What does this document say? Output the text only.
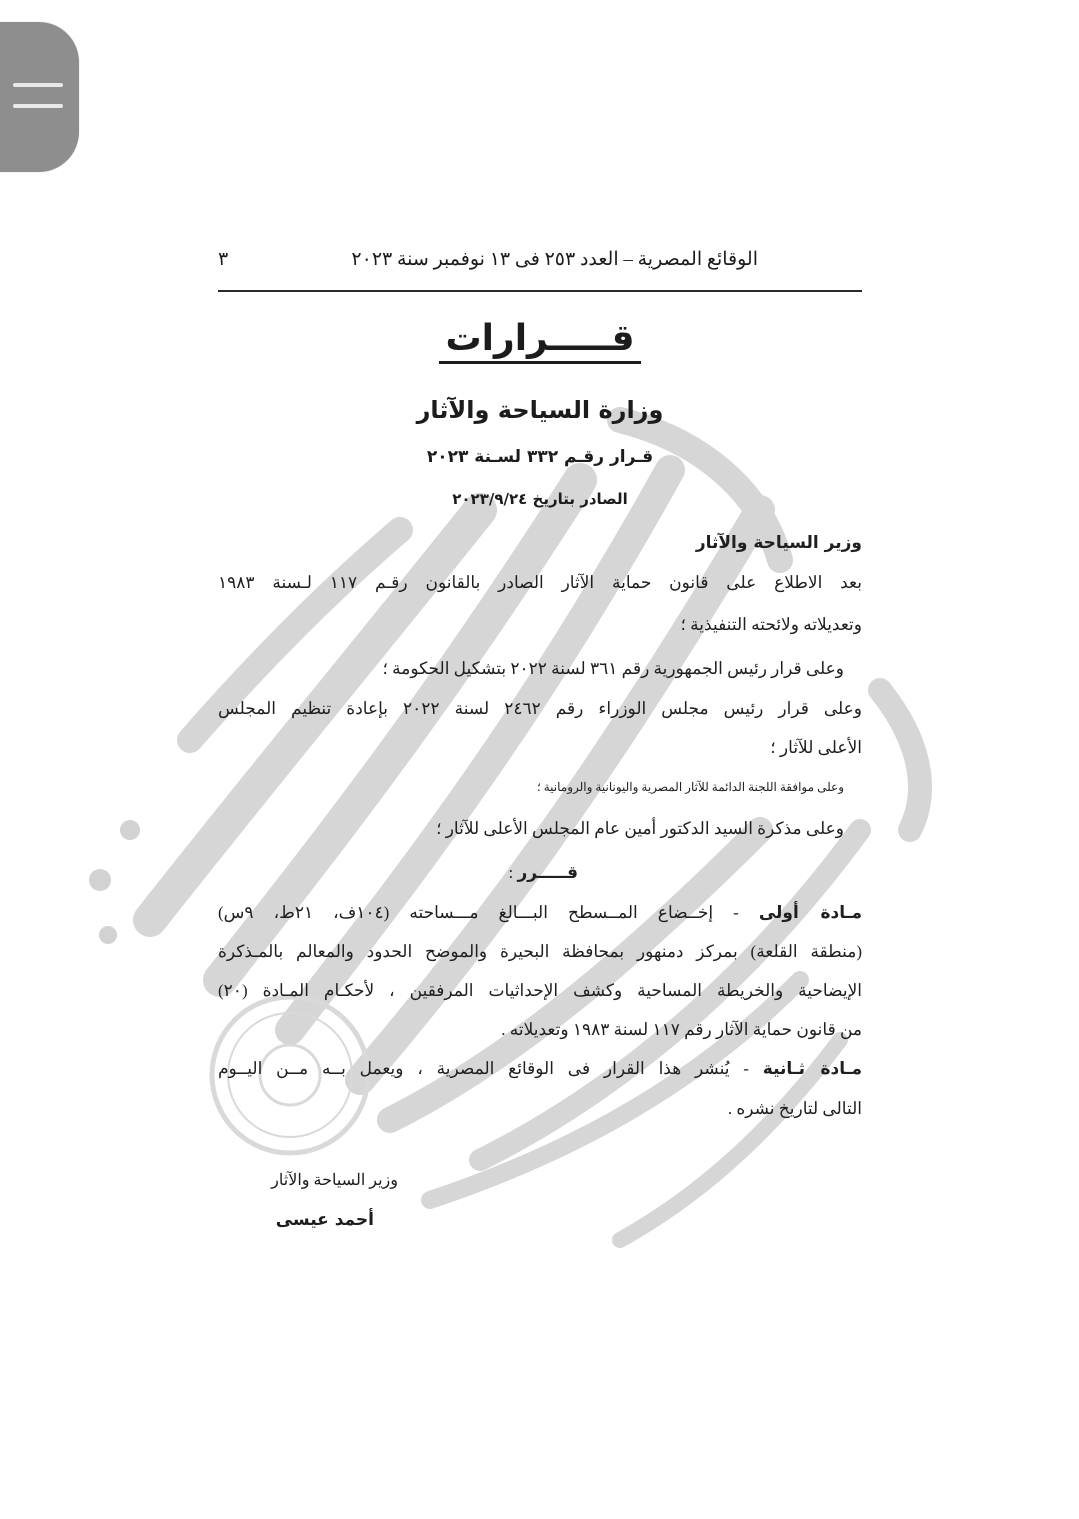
الوقائع المصرية – العدد ٢٥٣ فى ١٣ نوفمبر سنة ٢٠٢٣
٣
قـــــرارات
وزارة السياحة والآثار
قـرار رقـم ٣٣٢ لسـنة ٢٠٢٣
الصادر بتاريخ ٢٠٢٣/٩/٢٤
وزير السياحة والآثار
بعد الاطلاع على قانون حماية الآثار الصادر بالقانون رقـم ١١٧ لـسنة ١٩٨٣
وتعديلاته ولائحته التنفيذية ؛
وعلى قرار رئيس الجمهورية رقم ٣٦١ لسنة ٢٠٢٢ بتشكيل الحكومة ؛
وعلى قرار رئيس مجلس الوزراء رقم ٢٤٦٢ لسنة ٢٠٢٢ بإعادة تنظيم المجلس
الأعلى للآثار ؛
وعلى موافقة اللجنة الدائمة للآثار المصرية واليونانية والرومانية ؛
وعلى مذكرة السيد الدكتور أمين عام المجلس الأعلى للآثار ؛
قـــــرر :
مـادة أولى - إخــضاع المــسطح البـــالغ مـــساحته (١٠٤ف، ٢١ط، ٩س)
(منطقة القلعة) بمركز دمنهور بمحافظة البحيرة والموضح الحدود والمعالم بالمـذكرة
الإيضاحية والخريطة المساحية وكشف الإحداثيات المرفقين ، لأحكـام المـادة (٢٠)
من قانون حماية الآثار رقم ١١٧ لسنة ١٩٨٣ وتعديلاته .
مـادة ثـانية - يُنشر هذا القرار فى الوقائع المصرية ، ويعمل بــه مــن اليــوم
التالى لتاريخ نشره .
وزير السياحة والآثار
أحمد عيسى
